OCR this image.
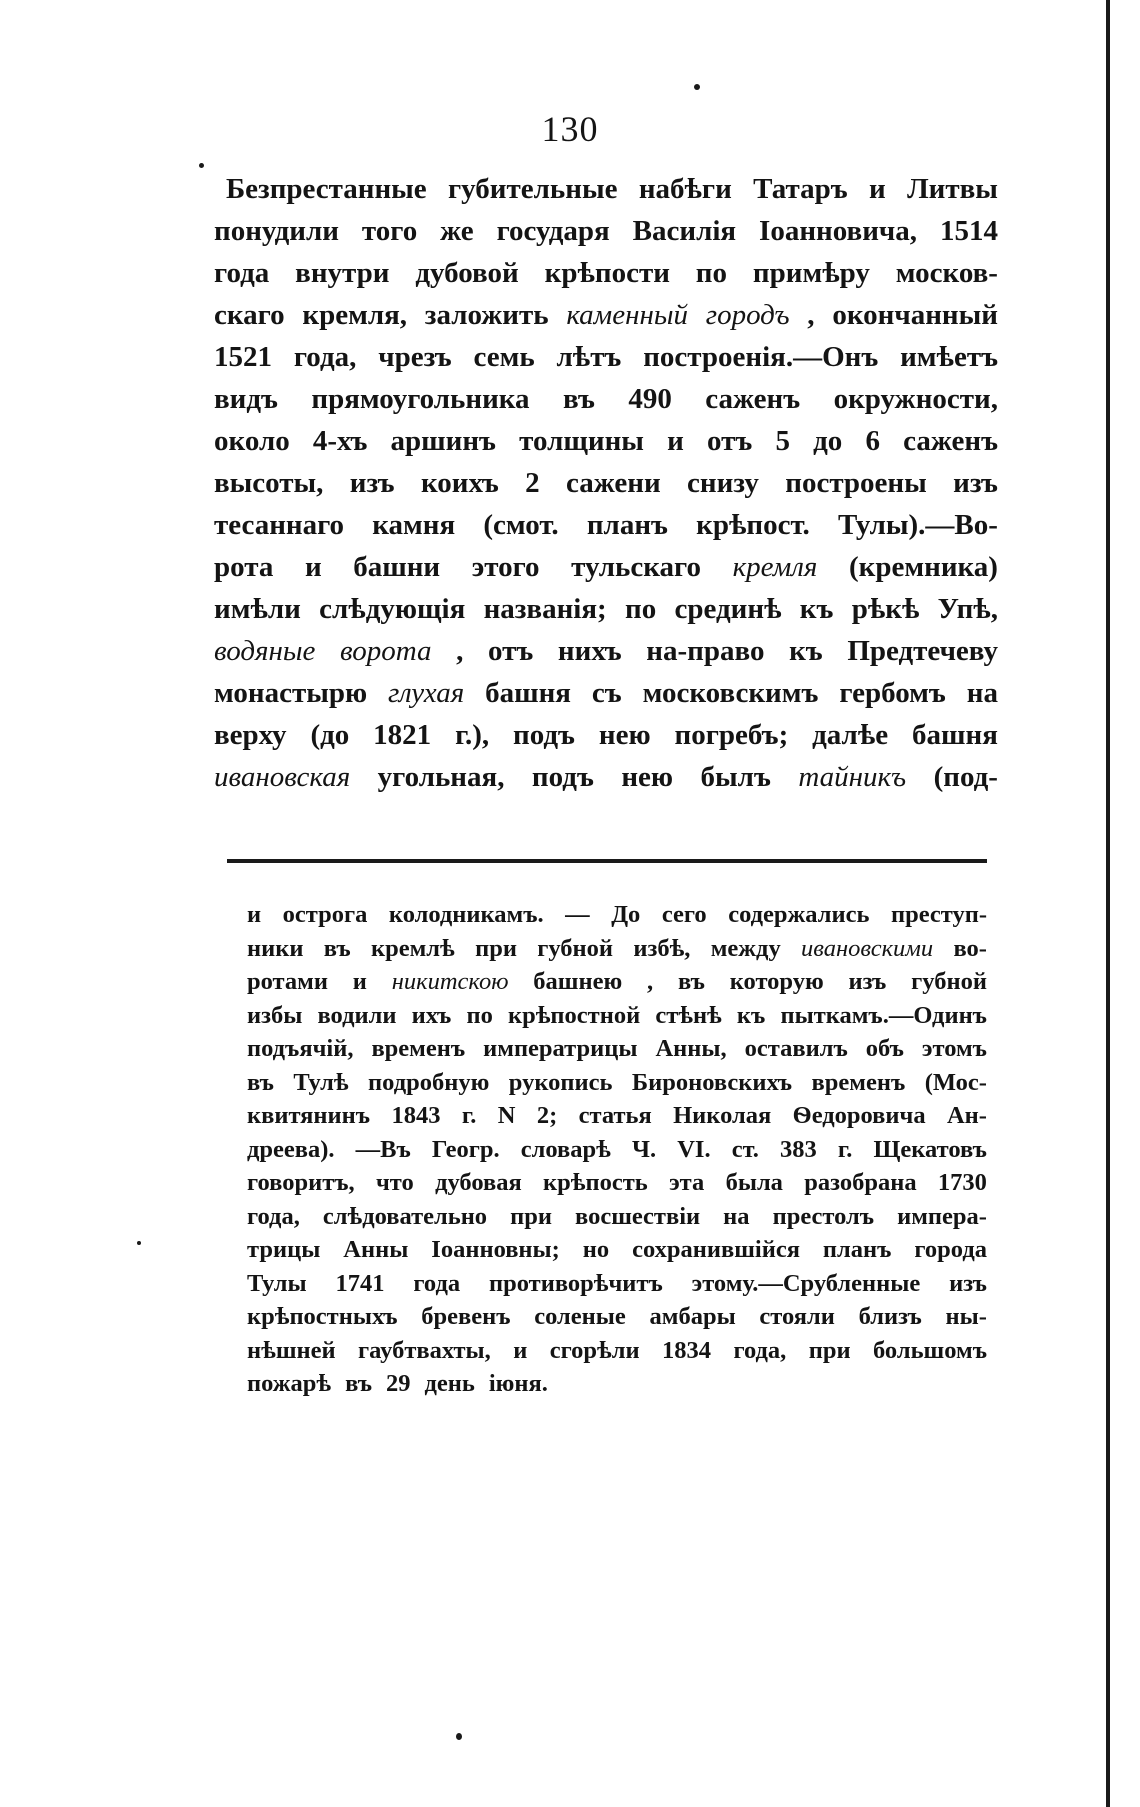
130
Безпрестанные губительные набѣги Татаръ и Литвы
понудили того же государя Василія Іоанновича, 1514
года внутри дубовой крѣпости по примѣру москов-
скаго кремля, заложить каменный городъ , окончанный
1521 года, чрезъ семь лѣтъ построенія.—Онъ имѣетъ
видъ прямоугольника въ 490 саженъ окружности,
около 4-хъ аршинъ толщины и отъ 5 до 6 саженъ
высоты, изъ коихъ 2 сажени снизу построены изъ
тесаннаго камня (смот. планъ крѣпост. Тулы).—Во-
рота и башни этого тульскаго кремля (кремника)
имѣли слѣдующія названія; по срединѣ къ рѣкѣ Упѣ,
водяные ворота , отъ нихъ на-право къ Предтечеву
монастырю глухая башня съ московскимъ гербомъ на
верху (до 1821 г.), подъ нею погребъ; далѣе башня
ивановская угольная, подъ нею былъ тайникъ (под-
и острога колодникамъ. — До сего содержались преступ-
ники въ кремлѣ при губной избѣ, между ивановскими во-
ротами и никитскою башнею , въ которую изъ губной
избы водили ихъ по крѣпостной стѣнѣ къ пыткамъ.—Одинъ
подъячій, временъ императрицы Анны, оставилъ объ этомъ
въ Тулѣ подробную рукопись Бироновскихъ временъ (Мос-
квитянинъ 1843 г. N 2; статья Николая Ѳедоровича Ан-
дреева). —Въ Геогр. словарѣ Ч. VI. ст. 383 г. Щекатовъ
говоритъ, что дубовая крѣпость эта была разобрана 1730
года, слѣдовательно при восшествіи на престолъ импера-
трицы Анны Іоанновны; но сохранившійся планъ города
Тулы 1741 года противорѣчитъ этому.—Срубленные изъ
крѣпостныхъ бревенъ соленые амбары стояли близъ ны-
нѣшней гаубтвахты, и сгорѣли 1834 года, при большомъ
пожарѣ въ 29 день іюня.
